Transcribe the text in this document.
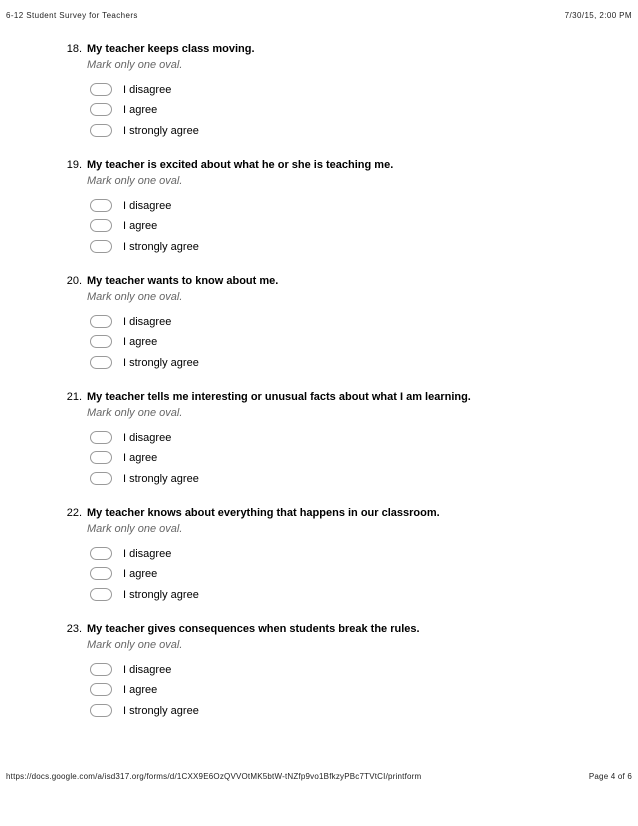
6-12 Student Survey for Teachers	7/30/15, 2:00 PM
18. My teacher keeps class moving.
Mark only one oval.
I disagree
I agree
I strongly agree
19. My teacher is excited about what he or she is teaching me.
Mark only one oval.
I disagree
I agree
I strongly agree
20. My teacher wants to know about me.
Mark only one oval.
I disagree
I agree
I strongly agree
21. My teacher tells me interesting or unusual facts about what I am learning.
Mark only one oval.
I disagree
I agree
I strongly agree
22. My teacher knows about everything that happens in our classroom.
Mark only one oval.
I disagree
I agree
I strongly agree
23. My teacher gives consequences when students break the rules.
Mark only one oval.
I disagree
I agree
I strongly agree
https://docs.google.com/a/isd317.org/forms/d/1CXX9E6OzQVVOtMK5btW-tNZfp9vo1BfkzyPBc7TVtCI/printform	Page 4 of 6
